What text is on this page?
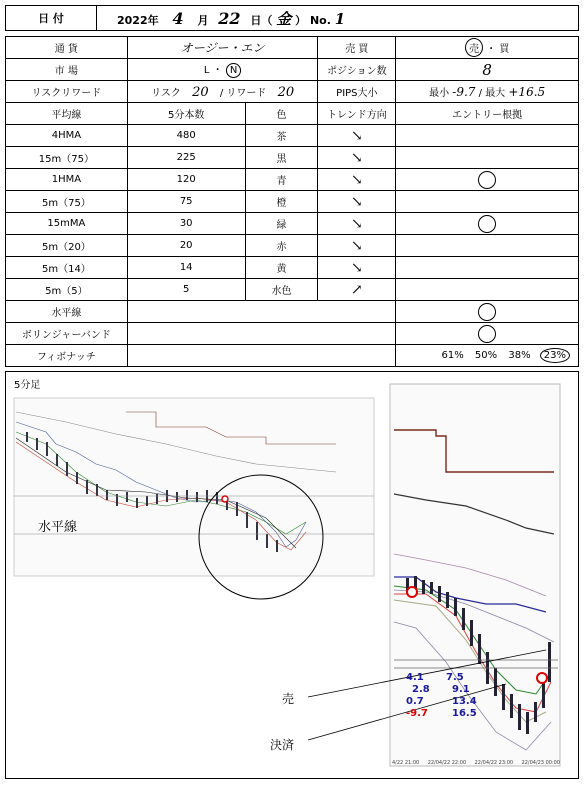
日 付	2022年 4 月 22 日（ 金 ） No. 1
通 貨	オージー・エン		売 買	売 ・ 買
市 場	L ・ N		ポジション数	8
リスクリワード	リスク 20 / リワード 20		PIPS大小	最小 -9.7 / 最大 +16.5
平均線	5分本数	色	トレンド方向	エントリー根拠
4HMA	480	茶	↘	
15m（75）	225	黒	↘	
1HMA	120	青	↘	
5m（75）	75	橙	↘	
15mMA	30	緑	↘	
5m（20）	20	赤	↘	
5m（14）	14	黄	↘	
5m（5）	5	水色	↗	
水平線				
ボリンジャーバンド				
フィボナッチ				61% 50% 38% 23%
5分足
水平線
売
決済
4.1
2.8
0.7
-9.7
7.5
9.1
13.4
16.5
4/22 21:00 22/04/22 22:00 22/04/22 23:00 22/04/23 00:00
